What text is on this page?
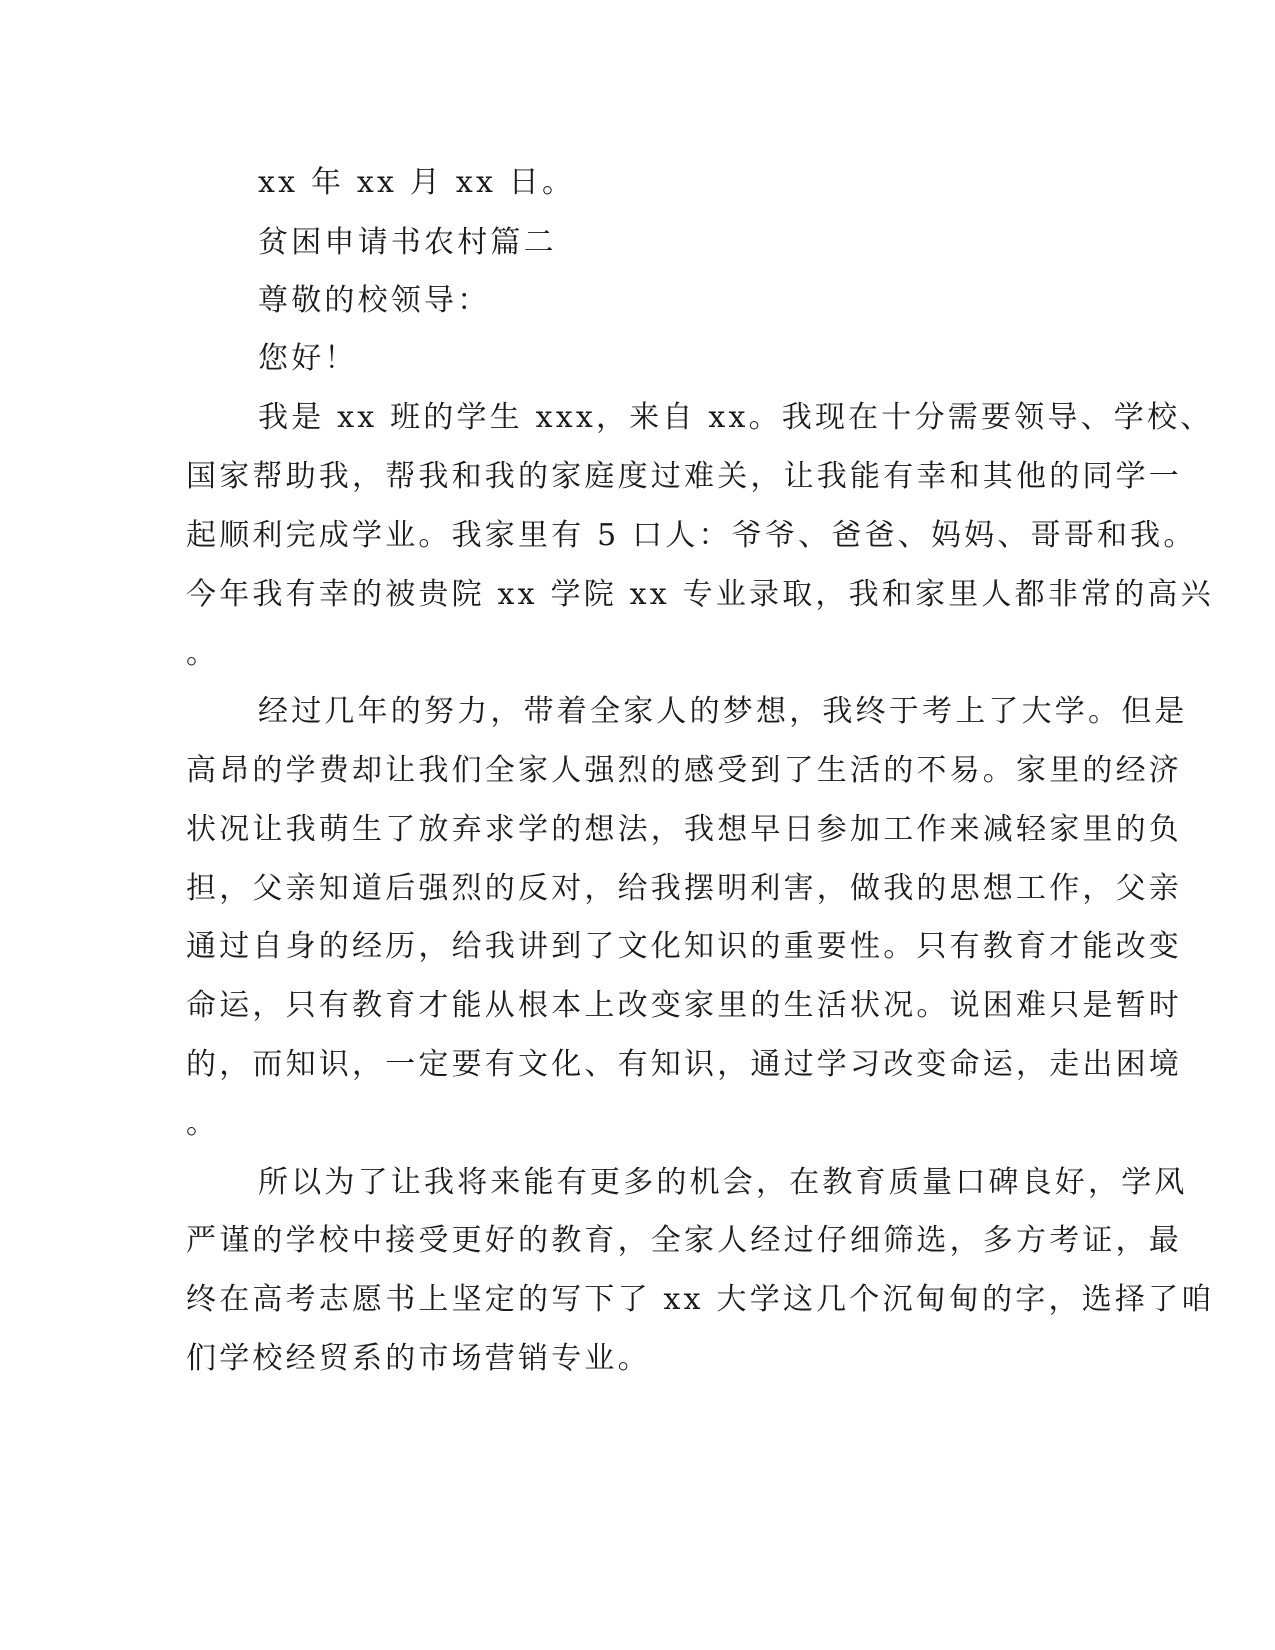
xx 年 xx 月 xx 日。
贫困申请书农村篇二
尊敬的校领导：
您好！
我是 xx 班的学生 xxx，来自 xx。我现在十分需要领导、学校、
国家帮助我，帮我和我的家庭度过难关，让我能有幸和其他的同学一
起顺利完成学业。我家里有 5 口人：爷爷、爸爸、妈妈、哥哥和我。
今年我有幸的被贵院 xx 学院 xx 专业录取，我和家里人都非常的高兴
。
经过几年的努力，带着全家人的梦想，我终于考上了大学。但是
高昂的学费却让我们全家人强烈的感受到了生活的不易。家里的经济
状况让我萌生了放弃求学的想法，我想早日参加工作来减轻家里的负
担，父亲知道后强烈的反对，给我摆明利害，做我的思想工作，父亲
通过自身的经历，给我讲到了文化知识的重要性。只有教育才能改变
命运，只有教育才能从根本上改变家里的生活状况。说困难只是暂时
的，而知识，一定要有文化、有知识，通过学习改变命运，走出困境
。
所以为了让我将来能有更多的机会，在教育质量口碑良好，学风
严谨的学校中接受更好的教育，全家人经过仔细筛选，多方考证，最
终在高考志愿书上坚定的写下了 xx 大学这几个沉甸甸的字，选择了咱
们学校经贸系的市场营销专业。
